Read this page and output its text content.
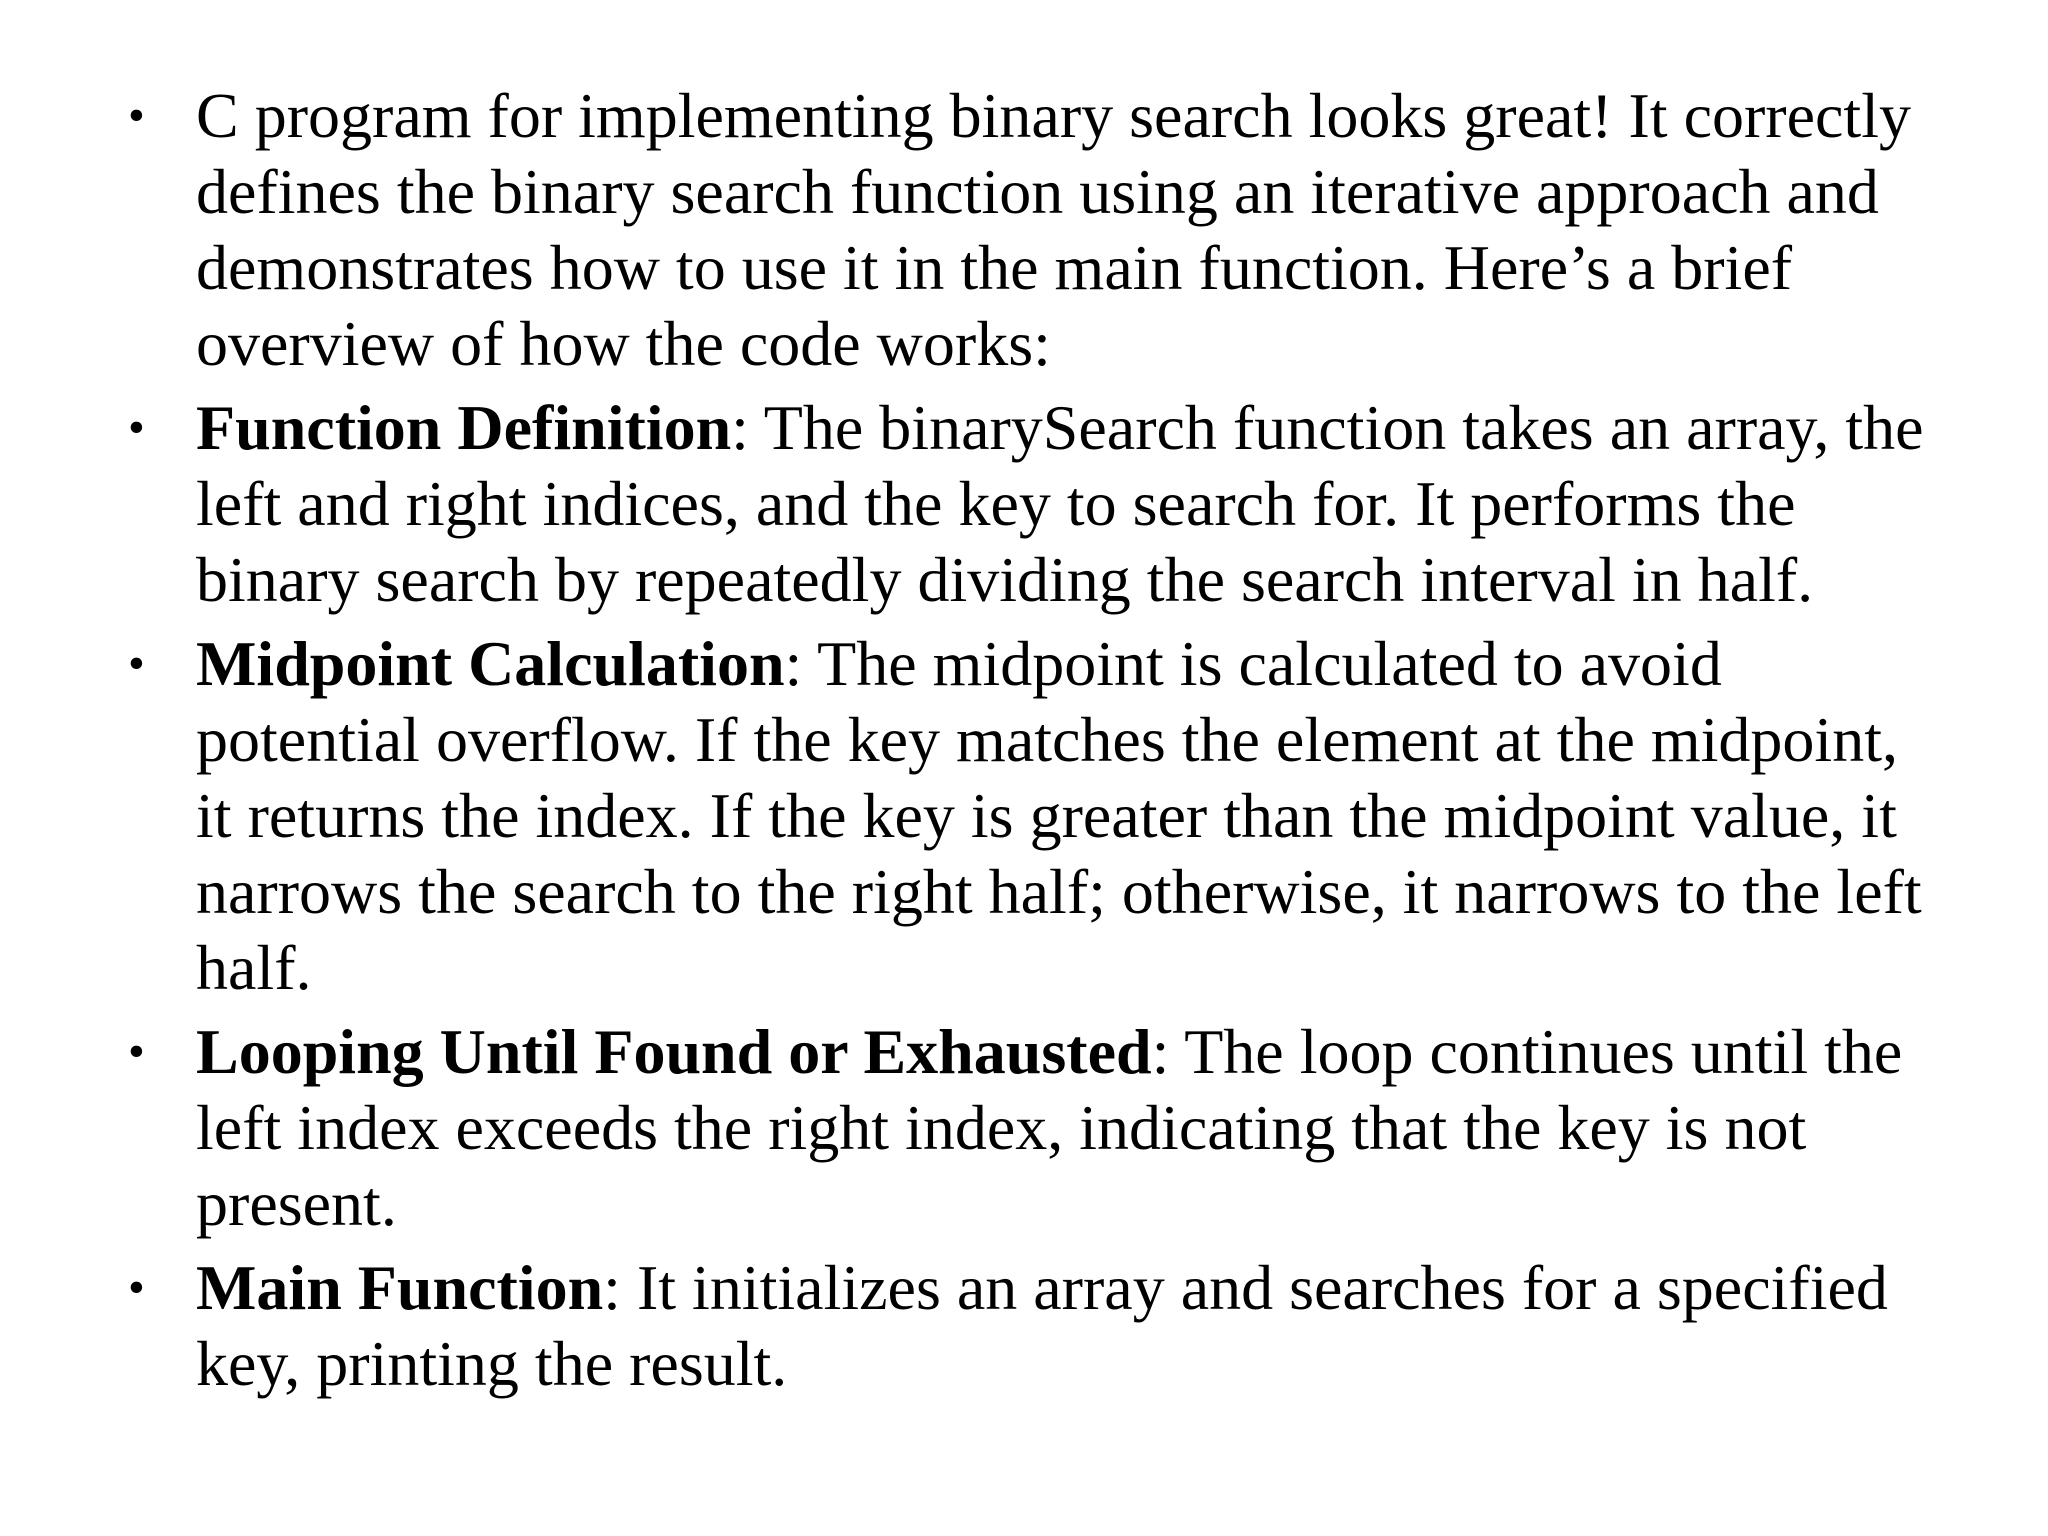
• C program for implementing binary search looks great! It correctly defines the binary search function using an iterative approach and demonstrates how to use it in the main function. Here’s a brief overview of how the code works:
• Function Definition: The binarySearch function takes an array, the left and right indices, and the key to search for. It performs the binary search by repeatedly dividing the search interval in half.
• Midpoint Calculation: The midpoint is calculated to avoid potential overflow. If the key matches the element at the midpoint, it returns the index. If the key is greater than the midpoint value, it narrows the search to the right half; otherwise, it narrows to the left half.
• Looping Until Found or Exhausted: The loop continues until the left index exceeds the right index, indicating that the key is not present.
• Main Function: It initializes an array and searches for a specified key, printing the result.
